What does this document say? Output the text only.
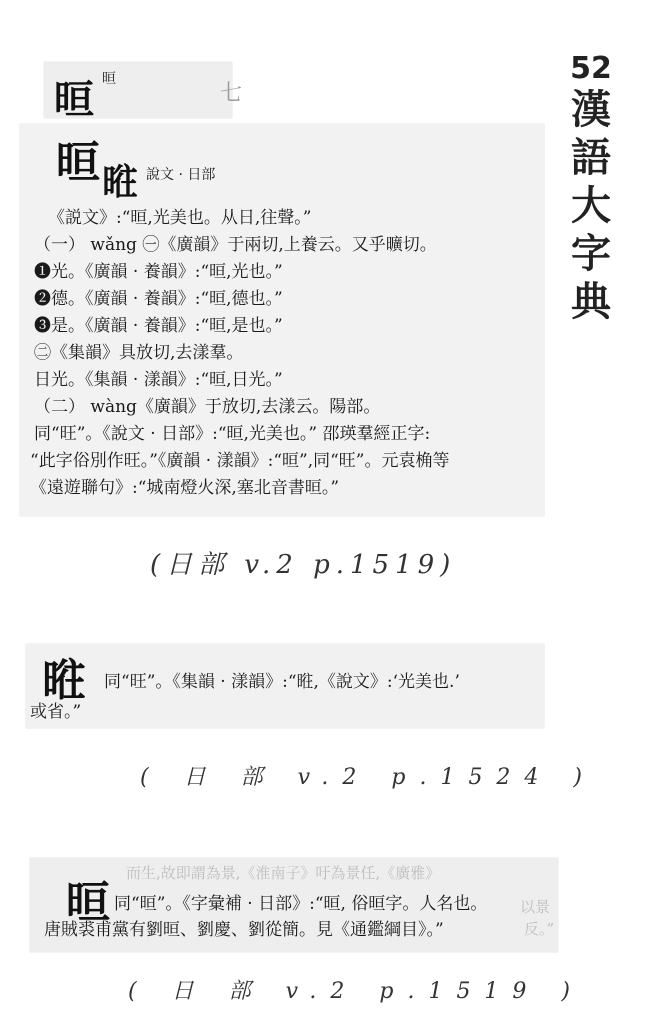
52
漢
語
大
字
典
晅 晅
七
晅 暀 說文 · 日部
《説文》:“晅,光美也。从日,往聲。”
（一） wǎng ㊀《廣韻》于兩切,上養云。又乎曠切。
❶光。《廣韻 · 養韻》:“晅,光也。”
❷德。《廣韻 · 養韻》:“晅,德也。”
❸是。《廣韻 · 養韻》:“晅,是也。”
㊁《集韻》具放切,去漾羣。
日光。《集韻 · 漾韻》:“晅,日光。”
（二） wàng《廣韻》于放切,去漾云。陽部。
同“旺”。《說文 · 日部》:“晅,光美也。” 邵瑛羣經正字:
“此字俗別作旺。”《廣韻 · 漾韻》:“晅”,同“旺”。元袁桷等
《遠遊聯句》:“城南燈火深,塞北音書晅。”
(日部 v.2 p.1519)
暀 同“旺”。《集韻 · 漾韻》:“暀,《說文》:‘光美也.’
或省。”
( 日 部 v.2 p.1524 )
而生,故即謂為景,《淮南子》吁為景任,《廣雅》
以景
反。”
晅 同“晅”。《字彙補 · 日部》:“晅, 俗晅字。人名也。
唐賊裘甫黨有劉晅、劉慶、劉從簡。見《通鑑綱目》。”
( 日 部 v.2 p.1519 )
